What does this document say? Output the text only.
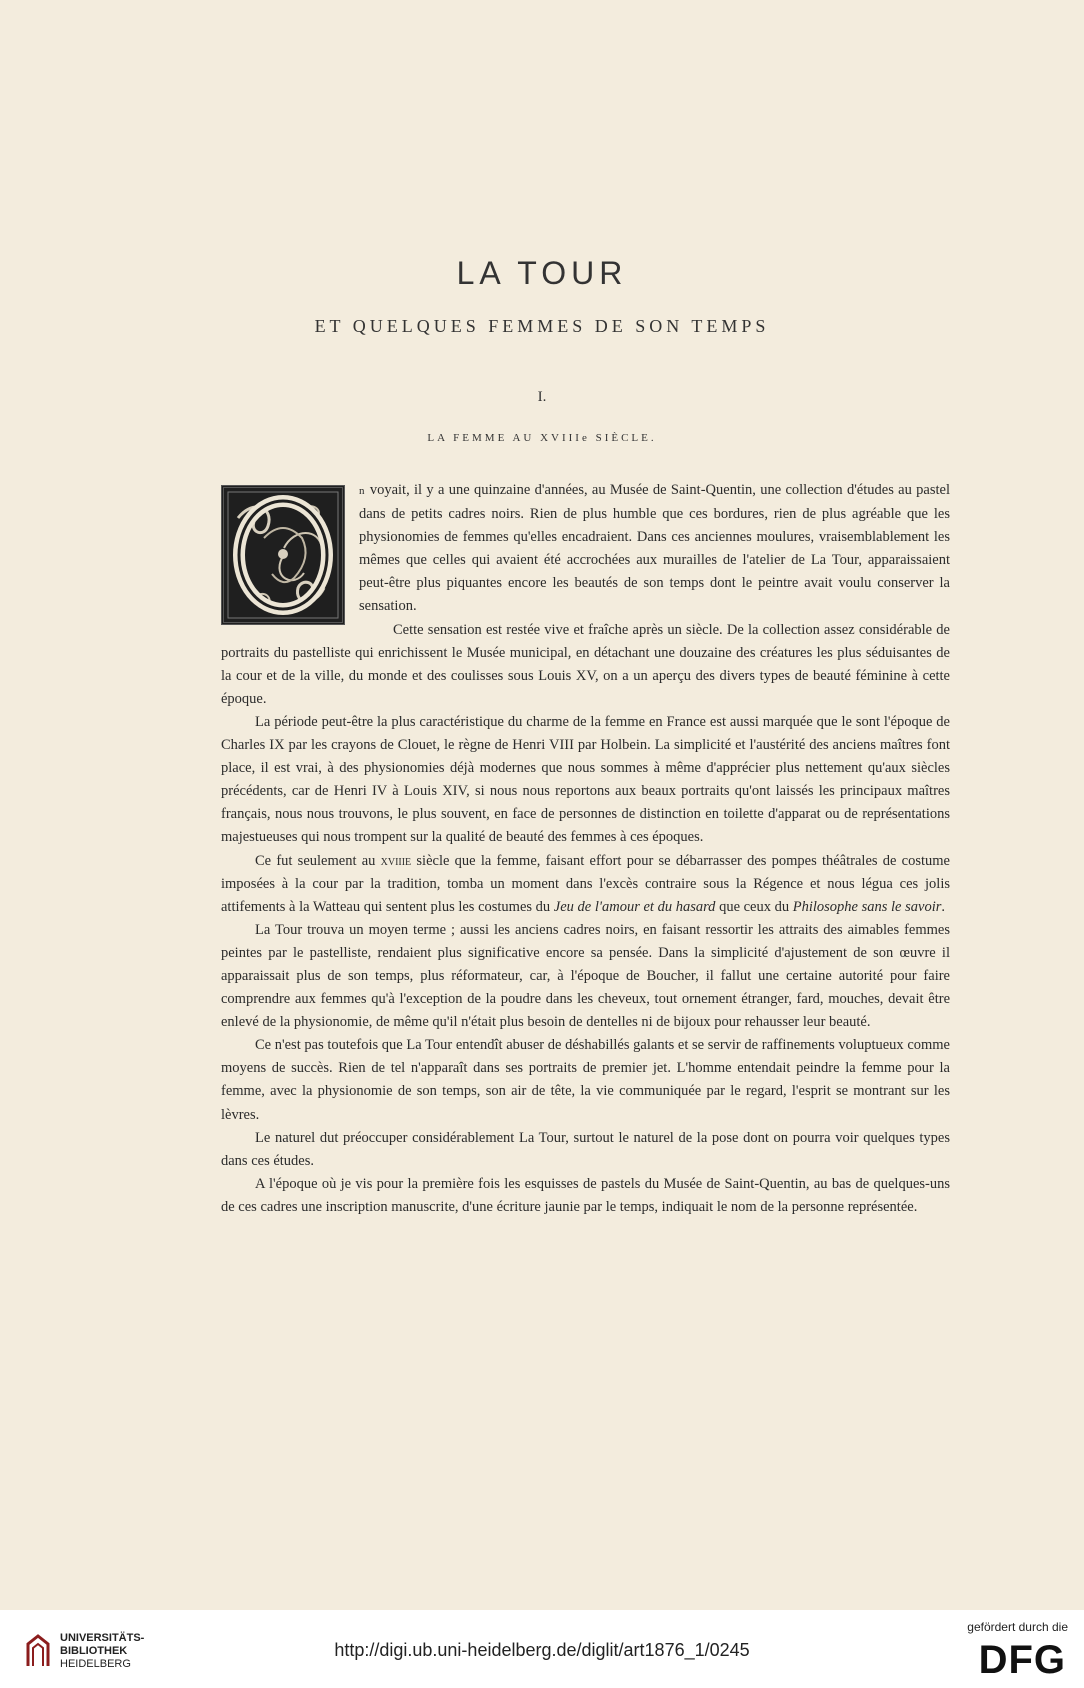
LA TOUR
ET QUELQUES FEMMES DE SON TEMPS
I.
LA FEMME AU XVIIIe SIÈCLE.

n voyait, il y a une quinzaine d'années, au Musée de Saint-Quentin, une collection d'études au pastel dans de petits cadres noirs. Rien de plus humble que ces bordures, rien de plus agréable que les physionomies de femmes qu'elles encadraient. Dans ces anciennes moulures, vraisemblablement les mêmes que celles qui avaient été accrochées aux murailles de l'atelier de La Tour, apparaissaient peut-être plus piquantes encore les beautés de son temps dont le peintre avait voulu conserver la sensation.

Cette sensation est restée vive et fraîche après un siècle. De la collection assez considérable de portraits du pastelliste qui enrichissent le Musée municipal, en détachant une douzaine des créatures les plus séduisantes de la cour et de la ville, du monde et des coulisses sous Louis XV, on a un aperçu des divers types de beauté féminine à cette époque.

La période peut-être la plus caractéristique du charme de la femme en France est aussi marquée que le sont l'époque de Charles IX par les crayons de Clouet, le règne de Henri VIII par Holbein. La simplicité et l'austérité des anciens maîtres font place, il est vrai, à des physionomies déjà modernes que nous sommes à même d'apprécier plus nettement qu'aux siècles précédents, car de Henri IV à Louis XIV, si nous nous reportons aux beaux portraits qu'ont laissés les principaux maîtres français, nous nous trouvons, le plus souvent, en face de personnes de distinction en toilette d'apparat ou de représentations majestueuses qui nous trompent sur la qualité de beauté des femmes à ces époques.

Ce fut seulement au xviiie siècle que la femme, faisant effort pour se débarrasser des pompes théâtrales de costume imposées à la cour par la tradition, tomba un moment dans l'excès contraire sous la Régence et nous légua ces jolis attifements à la Watteau qui sentent plus les costumes du Jeu de l'amour et du hasard que ceux du Philosophe sans le savoir.

La Tour trouva un moyen terme ; aussi les anciens cadres noirs, en faisant ressortir les attraits des aimables femmes peintes par le pastelliste, rendaient plus significative encore sa pensée. Dans la simplicité d'ajustement de son œuvre il apparaissait plus de son temps, plus réformateur, car, à l'époque de Boucher, il fallut une certaine autorité pour faire comprendre aux femmes qu'à l'exception de la poudre dans les cheveux, tout ornement étranger, fard, mouches, devait être enlevé de la physionomie, de même qu'il n'était plus besoin de dentelles ni de bijoux pour rehausser leur beauté.

Ce n'est pas toutefois que La Tour entendît abuser de déshabillés galants et se servir de raffinements voluptueux comme moyens de succès. Rien de tel n'apparaît dans ses portraits de premier jet. L'homme entendait peindre la femme pour la femme, avec la physionomie de son temps, son air de tête, la vie communiquée par le regard, l'esprit se montrant sur les lèvres.

Le naturel dut préoccuper considérablement La Tour, surtout le naturel de la pose dont on pourra voir quelques types dans ces études.

A l'époque où je vis pour la première fois les esquisses de pastels du Musée de Saint-Quentin, au bas de quelques-uns de ces cadres une inscription manuscrite, d'une écriture jaunie par le temps, indiquait le nom de la personne représentée.

UNIVERSITÄTS-
BIBLIOTHEK
HEIDELBERG
http://digi.ub.uni-heidelberg.de/diglit/art1876_1/0245
gefördert durch die
DFG
